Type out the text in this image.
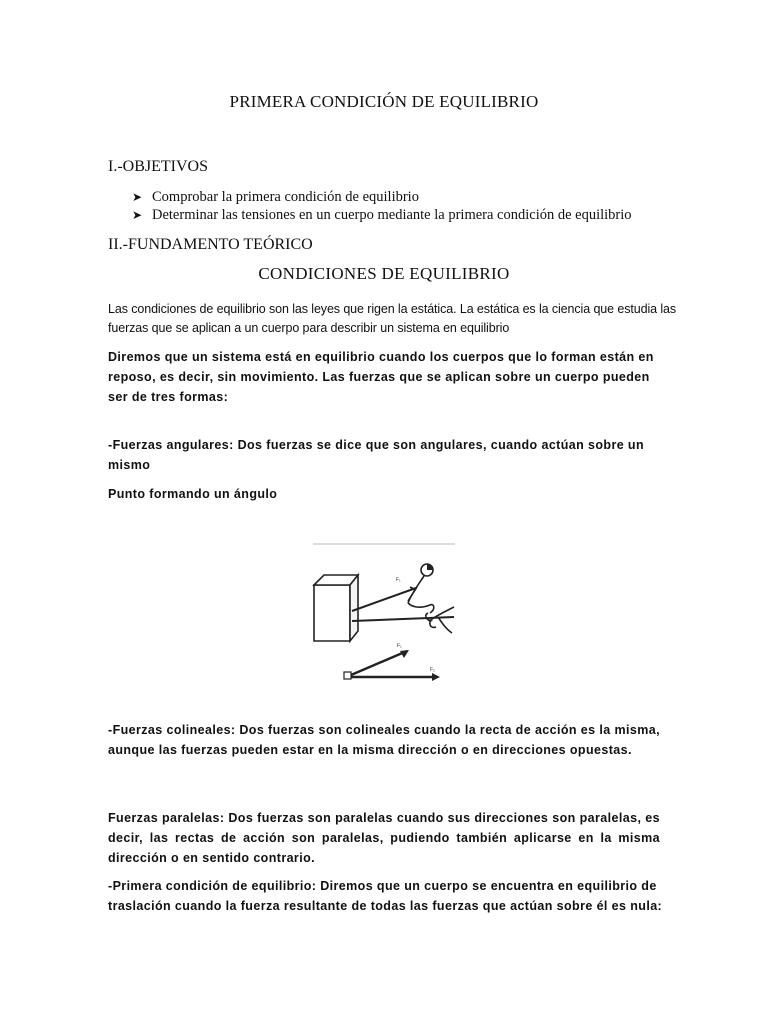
PRIMERA CONDICIÓN DE EQUILIBRIO
I.-OBJETIVOS
➤ Comprobar la primera condición de equilibrio
➤ Determinar las tensiones en un cuerpo mediante la primera condición de equilibrio
II.-FUNDAMENTO TEÓRICO
CONDICIONES DE EQUILIBRIO
Las condiciones de equilibrio son las leyes que rigen la estática. La estática es la ciencia que estudia las fuerzas que se aplican a un cuerpo para describir un sistema en equilibrio
Diremos que un sistema está en equilibrio cuando los cuerpos que lo forman están en reposo, es decir, sin movimiento. Las fuerzas que se aplican sobre un cuerpo pueden ser de tres formas:
-Fuerzas angulares: Dos fuerzas se dice que son angulares, cuando actúan sobre un mismo
Punto formando un ángulo
F₁
F₂
F₁
F₂
-Fuerzas colineales: Dos fuerzas son colineales cuando la recta de acción es la misma, aunque las fuerzas pueden estar en la misma dirección o en direcciones opuestas.
Fuerzas paralelas: Dos fuerzas son paralelas cuando sus direcciones son paralelas, es decir, las rectas de acción son paralelas, pudiendo también aplicarse en la misma dirección o en sentido contrario.
-Primera condición de equilibrio: Diremos que un cuerpo se encuentra en equilibrio de traslación cuando la fuerza resultante de todas las fuerzas que actúan sobre él es nula:
